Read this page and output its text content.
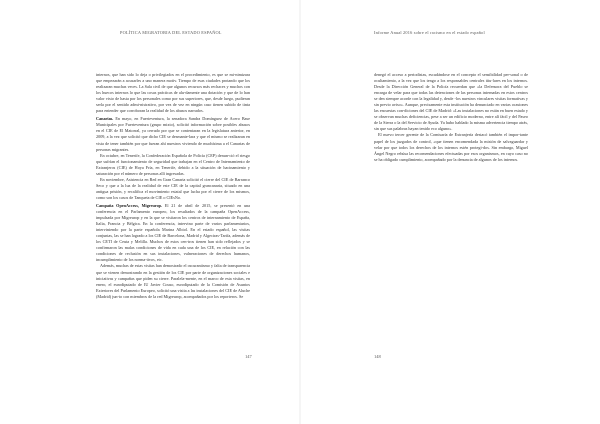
POLÍTICA MIGRATORIA DEL ESTADO ESPAÑOL

internos, que han sido lo deja o privilegiados en el procedimiento, es que se mi-nimizara que empezarán a acusarles a uno manera motiv. Tiempo de esas ciudades protando que los realizaran muchas veces. La Sala civil de que algunos recursos más rechaces y muchos con los huecos internos lo que las cosas prácticas de alu-damente una dotación y que de lo han valor visto de hasta por los personales como por sus superiores, que, desde luego, pudieran serla por el sentido admi-nistrativo, por vez de vez en ningún caso tienen subido de tinta para entender que corroboran la realidad de los abusos narrados.

Canarias. En mayo, en Fuerteventura, la senadora Sandra Domínguez de Acero Base Municipales por Fuerteventura (grupo mixto), solicitó información sobre posibles abusos en el CIE de El Matorral, ya cerrado por que se contentaran en la legislatura anterior, en 2009, a la vez que solicitó que dicho CIE se desmante-lara y que el mismo se realizaran en vista de tener también por que fueran ahí nuestros viviendo de muchísima a el Canarias de personas migrantes.

En octubre, en Tenerife, la Confederación Española de Policía (CEP) denun-ció el riesgo que sufrían el funcionamiento de seguridad que trabajan en el Centro de Internamiento de Extranjeros (CIE) de Hoya Fría, en Tenerife, debido a la situación de hacinamiento y saturación por el número de personas allí ingresadas.

En noviembre, Asistencia en Red en Gran Canaria solicitó el cierre del CIE de Barranco Seco y que a la luz de la realidad de este CIE de la capital grancanaria, situado en una antigua prisión, y recalifica el movimiento estatal que lucha por el cierre de los mismos, como son los casos de Tanqueta de CIE o CIEsNo.

Campaña OpenAccess, Migreurop. El 21 de abril de 2015, se presentó en una conferencia en el Parlamento europeo, los resultados de la campaña OpenAccess, impulsada por Migreurop y en la que se visitaron los centros de internamiento de España, Italia, Francia y Bélgica. En la conferencia, intervino parte de varios parlamentarios, interviniendo por la parte española Marina Albiol. En el estado español, las visitas conjuntas, las se han logrado a los CIE de Barcelona, Madrid y Algeciras-Tarifa, además de los CETI de Ceuta y Melilla. Muchos de estos cen-tros tienen han sido reflejados y se confirmaron las malas condiciones de vida en cada una de los CIE, en relación con las condiciones de reclusión en sus instalaciones, vulneraciones de derechos humanos, incumplimiento de los norma-tivos, etc.

Además, muchas de estas visitas han demostrado el oscurantismo y falta de transparencia que se vienen demostrando en la gestión de los CIE por parte de organizaciones sociales e iniciativas y campañas que piden su cierre. Paralela-mente, en el marco de esta visitas, en enero, el eurodiputado de IU Javier Couso, eurodiputado de la Comisión de Asuntos Exteriores del Parlamento Europeo, solicitó una visita a las instalaciones del CIE de Aluche (Madrid) jun-to con miembros de la red Migreurop, acompañados por los reporteros. Se

147
Informe Anual 2016 sobre el racismo en el estado español

denegó el acceso a periodistas, escudándose en el concepto el sensibilidad per-sonal o de ocultamiento, a la vez que los tengo a los responsables centrales titu-lares en los internos. Desde la Dirección General de la Policía recuerdan que «la Defensora del Pueblo se encarga de velar para que todas las detenciones de las personas internadas en estos centros se den siempre acorde con la legalidad y, desde -los nuestros vinculares visitas formativas y sin previo aviso». Aunque, precisamente esta institución ha denunciado en varias ocasiones las encuestas con-diciones del CIE de Madrid: «Las instalaciones no están en buen estado y se observan muchas deficiencias, pese a ser un edificio moderno, entre alí fácil y del Paseo de la Sierra o la del Servicio de Ayuda. Ya hubo hablado la misma advertencia tiempo atrás, sin que sus palabras hayan tenido eco alguno».

El nuevo tercer gerente de la Comisaría de Extranjería destacó también el impor-tante papel de los juzgados de control, «que tienen encomendada la misión de salvaguardar y velar por que todos los derechos de los internos estén protegi-dos. Sin embargo, Miguel Ángel Negro rehúsa las recomendaciones efectuadas por esos organismos, en cuyo caso no se ha obligado cumplimiento, acompañado por la denuncia de algunos de los internos.

148
